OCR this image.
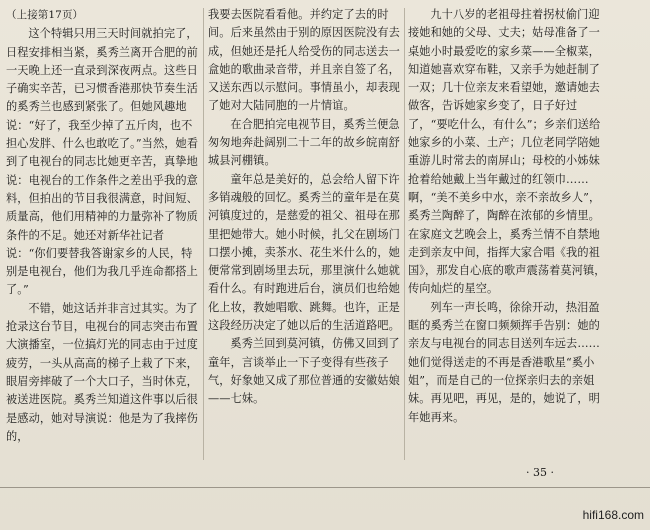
（上接第17页）

这个特辑只用三天时间就拍完了，日程安排相当紧，奚秀兰离开合肥的前一天晚上还一直录到深夜两点。这些日子确实辛苦，已习惯香港那快节奏生活的奚秀兰也感到紧张了。但她风趣地说：“好了，我至少掉了五斤肉，也不担心发胖、什么也敢吃了。”当然，她看到了电视台的同志比她更辛苦，真挚地说：电视台的工作条件之差出乎我的意料，但拍出的节目我很满意，时间短、质量高，他们用精神的力量弥补了物质条件的不足。她还对新华社记者说：“你们要替我答谢家乡的人民，特别是电视台，他们为我几乎连命都搭上了。”

不错，她这话并非言过其实。为了抢录这台节目，电视台的同志突击布置大演播室，一位搞灯光的同志由于过度疲劳，一头从高高的梯子上栽了下来，眼眉旁摔破了一个大口子，当时休克，被送进医院。奚秀兰知道这件事以后很是感动，她对导演说：他是为了我摔伤的，

我要去医院看看他。并约定了去的时间。后来虽然由于别的原因医院没有去成，但她还是托人给受伤的同志送去一盒她的歌曲录音带，并且亲自签了名，又送东西以示慰问。事情虽小，却表现了她对大陆同胞的一片情谊。

在合肥拍完电视节目，奚秀兰便急匆匆地奔赴阔别二十二年的故乡皖南舒城县河棚镇。

童年总是美好的，总会给人留下许多销魂般的回忆。奚秀兰的童年是在莫河镇度过的，是慈爱的祖父、祖母在那里把她带大。她小时候，扎父在剧场门口摆小摊，卖茶水、花生米什么的，她便常常到剧场里去玩，那里演什么她就看什么。有时跑进后台，演员们也给她化上妆，教她唱歌、跳舞。也许，正是这段经历决定了她以后的生活道路吧。

奚秀兰回到莫河镇，仿佛又回到了童年，言谈举止一下子变得有些孩子气，好象她又成了那位普通的安徽姑娘——七妹。

九十八岁的老祖母拄着拐杖偷门迎接她和她的父母、丈夫；姑母准备了一桌她小时最爱吃的家乡菜——全椒菜，知道她喜欢穿布鞋，又亲手为她赶制了一双；几十位亲友来看望她，邀请她去做客，告诉她家乡变了，日子好过了，“要吃什么，有什么”；乡亲们送给她家乡的小菜、土产；几位老同学陪她重游儿时常去的南屏山；母校的小姊妹抢着给她戴上当年戴过的红领巾……啊，“美不美乡中水，亲不亲故乡人”，奚秀兰陶醉了，陶醉在浓郁的乡情里。在家庭文艺晚会上，奚秀兰情不自禁地走到亲友中间，指挥大家合唱《我的祖国》，那发自心底的歌声震荡着莫河镇，传向灿烂的星空。

列车一声长鸣，徐徐开动，热泪盈眶的奚秀兰在窗口频频挥手告别：她的亲友与电视台的同志目送列车远去……她们觉得送走的不再是香港歌星“奚小姐”，而是自己的一位探亲归去的亲姐妹。再见吧，再见，是的，她说了，明年她再来。

· 35 ·
hifi168.com
